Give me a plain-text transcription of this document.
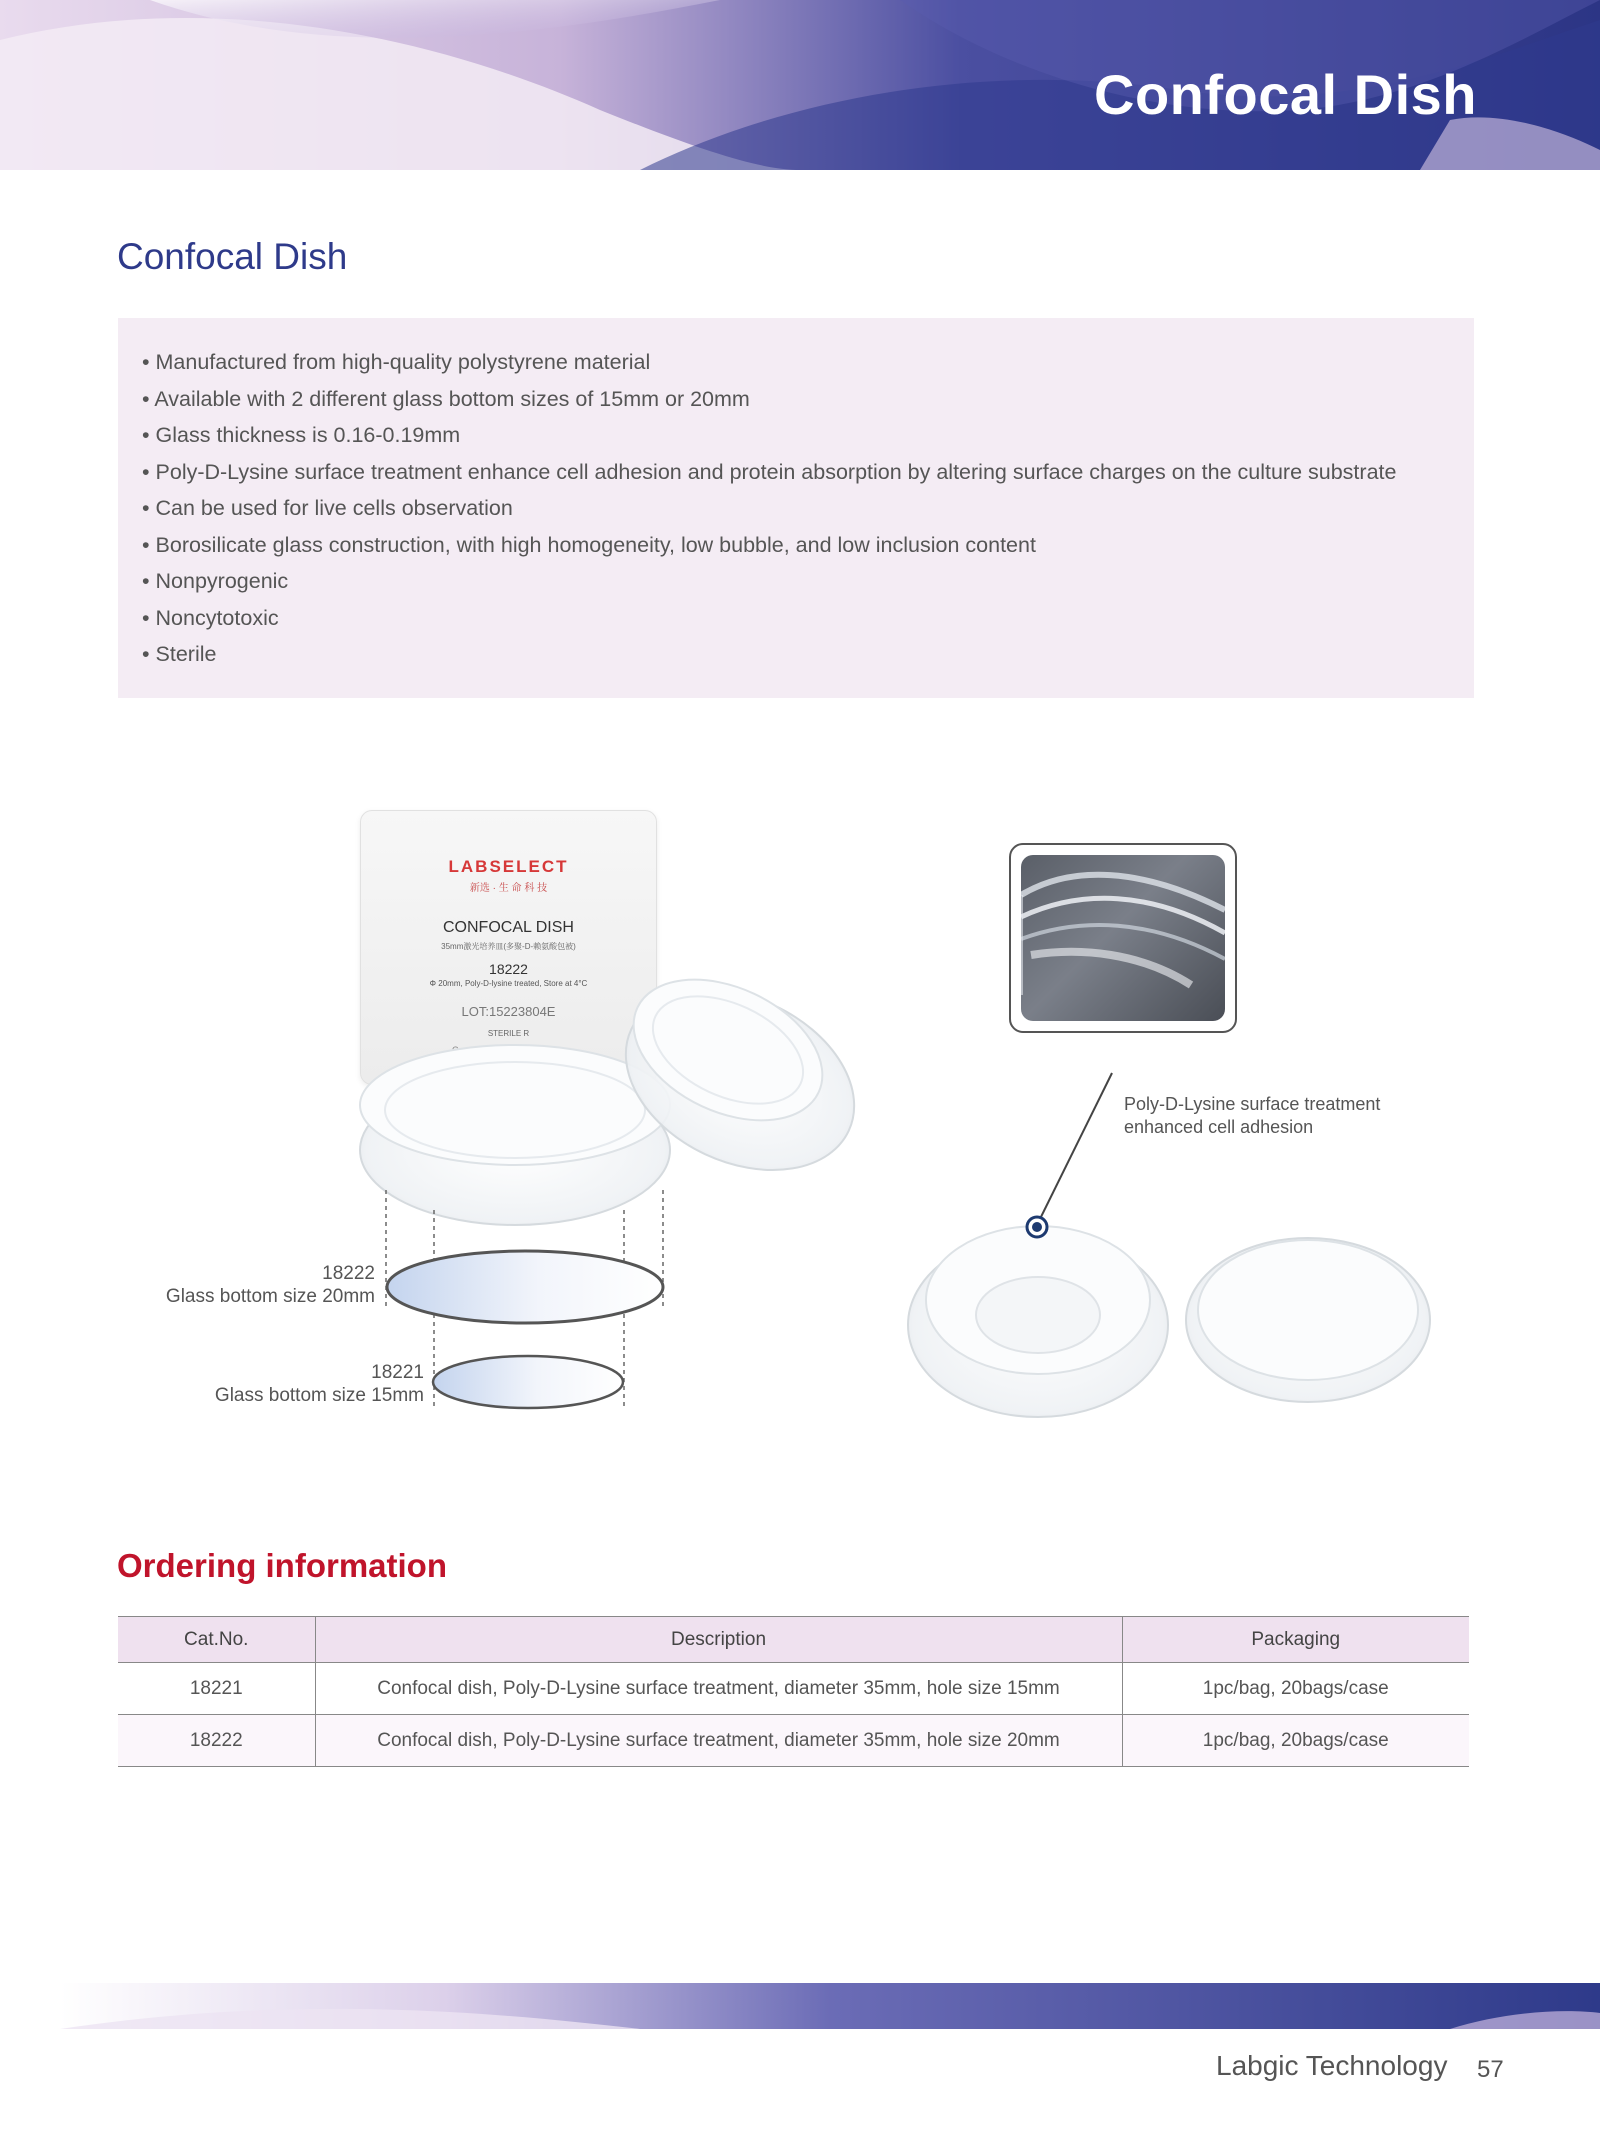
Confocal Dish
Confocal Dish
• Manufactured from high-quality polystyrene material
• Available with 2 different glass bottom sizes of 15mm or 20mm
• Glass thickness is 0.16-0.19mm
• Poly-D-Lysine surface treatment enhance cell adhesion and protein absorption by altering surface charges on the culture substrate
• Can be used for live cells observation
• Borosilicate glass construction, with high homogeneity, low bubble, and low inclusion content
• Nonpyrogenic
• Noncytotoxic
• Sterile
LABSELECT
新选 · 生 命 科 技
CONFOCAL DISH
35mm激光培养皿(多聚-D-赖氨酸包被)
18222
Φ 20mm, Poly-D-lysine treated, Store at 4°C
LOT:15223804E
STERILE R
18222
Glass bottom size 20mm
18221
Glass bottom size 15mm
Poly-D-Lysine surface treatment
enhanced cell adhesion
Ordering information
Cat.No.	Description	Packaging
18221	Confocal dish, Poly-D-Lysine surface treatment, diameter 35mm, hole size 15mm	1pc/bag, 20bags/case
18222	Confocal dish, Poly-D-Lysine surface treatment, diameter 35mm, hole size 20mm	1pc/bag, 20bags/case
Labgic Technology 57
